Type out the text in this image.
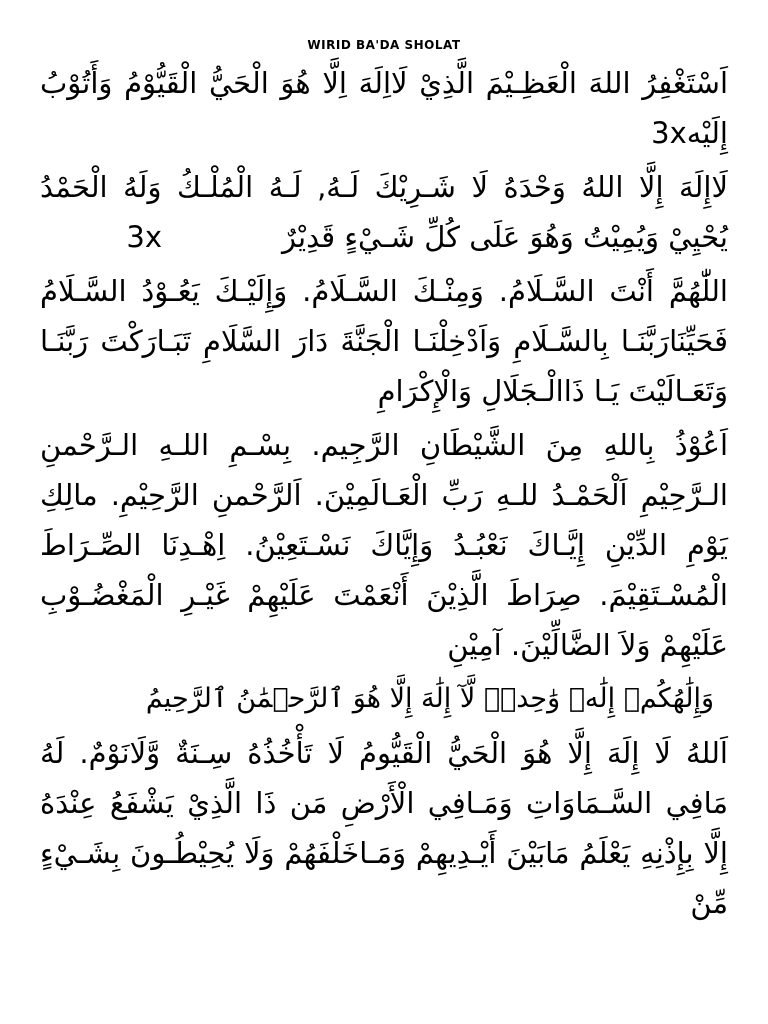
WIRID BA'DA SHOLAT

اَسْتَغْفِرُ اللهَ الْعَظِـيْمَ الَّذِيْ لَااِلَهَ اِلَّا هُوَ الْحَيُّ الْقَيُّوْمُ وَأَتُوْبُ إِلَيْه3x

لَاإِلَهَ إِلَّا اللهُ وَحْدَهُ لَا شَـرِيْكَ لَـهُ, لَـهُ الْمُلْـكُ وَلَهُ الْحَمْدُ يُحْيِيْ وَيُمِيْتُ وَهُوَ عَلَى كُلِّ شَـيْءٍ قَدِيْرٌ3x

اللّٰهُمَّ أَنْتَ السَّـلَامُ. وَمِنْـكَ السَّـلَامُ. وَإِلَيْـكَ يَعُـوْدُ السَّـلَامُ فَحَيِّنَارَبَّنَـا بِالسَّـلَامِ وَاَدْخِلْنَـا الْجَنَّةَ دَارَ السَّلَامِ تَبَـارَكْتَ رَبَّنَـا وَتَعَـالَيْتَ يَـا ذَاالْـجَلَالِ وَالْإِكْرَامِ

اَعُوْذُ بِاللهِ مِنَ الشَّيْطَانِ الرَّجِيم. بِسْـمِ اللـهِ الـرَّحْمنِ الـرَّحِيْمِ اَلْحَمْـدُ للـهِ رَبِّ الْعَـالَمِيْنَ. اَلرَّحْمنِ الرَّحِيْمِ. مالِكِ يَوْمِ الدِّيْنِ إِيَّـاكَ نَعْبُـدُ وَإِيَّاكَ نَسْـتَعِيْنُ. اِهْـدِنَا الصِّـرَاطَ الْمُسْـتَقِيْمَ. صِرَاطَ الَّذِيْنَ أَنْعَمْتَ عَلَيْهِمْ غَيْـرِ الْمَغْضُـوْبِ عَلَيْهِمْ وَلاَ الضَّالِّيْنَ. آمِيْنِ

وَإِلَٰهُكُمۡ إِلَٰهٞ وَٰحِدٞۖ لَّآ إِلَٰهَ إِلَّا هُوَ ٱلرَّحۡمَٰنُ ٱلرَّحِيمُ

اَللهُ لَا إِلَهَ إِلَّا هُوَ الْحَيُّ الْقَيُّومُ لَا تَأْخُذُهُ سِـنَةٌ وَّلَانَوْمٌ. لَهُ مَافِي السَّـمَاوَاتِ وَمَـافِي الْأَرْضِ مَن ذَا الَّذِيْ يَشْفَعُ عِنْدَهُ إِلَّا بِإِذْنِهِ يَعْلَمُ مَابَيْنَ أَيْـدِيهِمْ وَمَـاخَلْفَهُمْ وَلَا يُحِيْطُـونَ بِشَـيْءٍ مِّنْ
